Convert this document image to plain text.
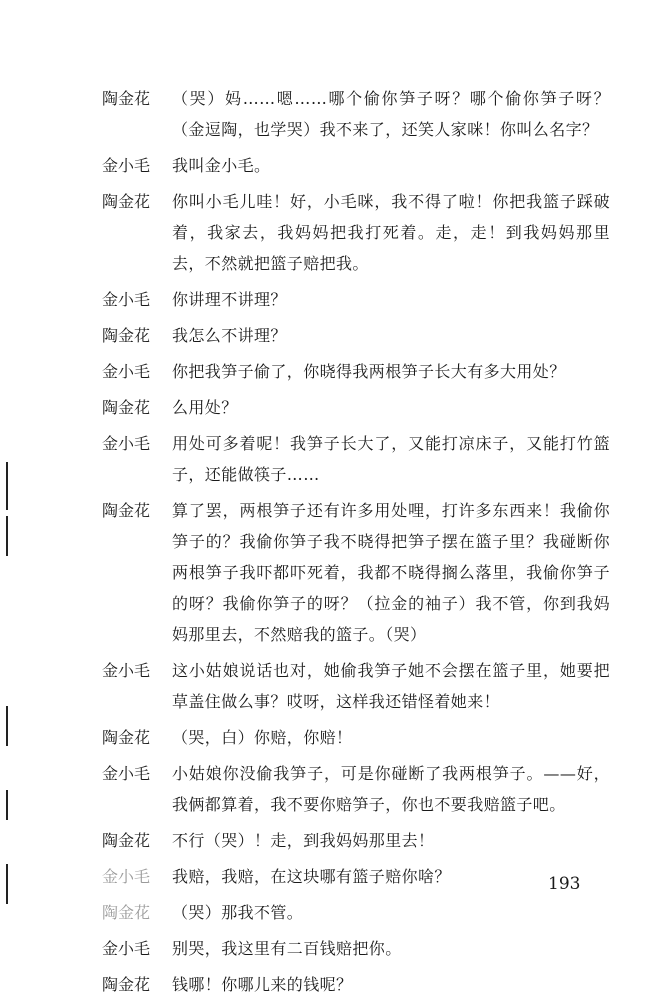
陶金花	（哭）妈……嗯……哪个偷你笋子呀？哪个偷你笋子呀？（金逗陶，也学哭）我不来了，还笑人家咪！你叫么名字？
金小毛	我叫金小毛。
陶金花	你叫小毛儿哇！好，小毛咪，我不得了啦！你把我篮子踩破着，我家去，我妈妈把我打死着。走，走！到我妈妈那里去，不然就把篮子赔把我。
金小毛	你讲理不讲理？
陶金花	我怎么不讲理？
金小毛	你把我笋子偷了，你晓得我两根笋子长大有多大用处？
陶金花	么用处？
金小毛	用处可多着呢！我笋子长大了，又能打凉床子，又能打竹篮子，还能做筷子……
陶金花	算了罢，两根笋子还有许多用处哩，打许多东西来！我偷你笋子的？我偷你笋子我不晓得把笋子摆在篮子里？我碰断你两根笋子我吓都吓死着，我都不晓得搁么落里，我偷你笋子的呀？我偷你笋子的呀？（拉金的袖子）我不管，你到我妈妈那里去，不然赔我的篮子。（哭）
金小毛	这小姑娘说话也对，她偷我笋子她不会摆在篮子里，她要把草盖住做么事？哎呀，这样我还错怪着她来！
陶金花	（哭，白）你赔，你赔！
金小毛	小姑娘你没偷我笋子，可是你碰断了我两根笋子。——好，我俩都算着，我不要你赔笋子，你也不要我赔篮子吧。
陶金花	不行（哭）！走，到我妈妈那里去！
金小毛	我赔，我赔，在这块哪有篮子赔你啥？
陶金花	（哭）那我不管。
金小毛	别哭，我这里有二百钱赔把你。
陶金花	钱哪！你哪儿来的钱呢？
193
